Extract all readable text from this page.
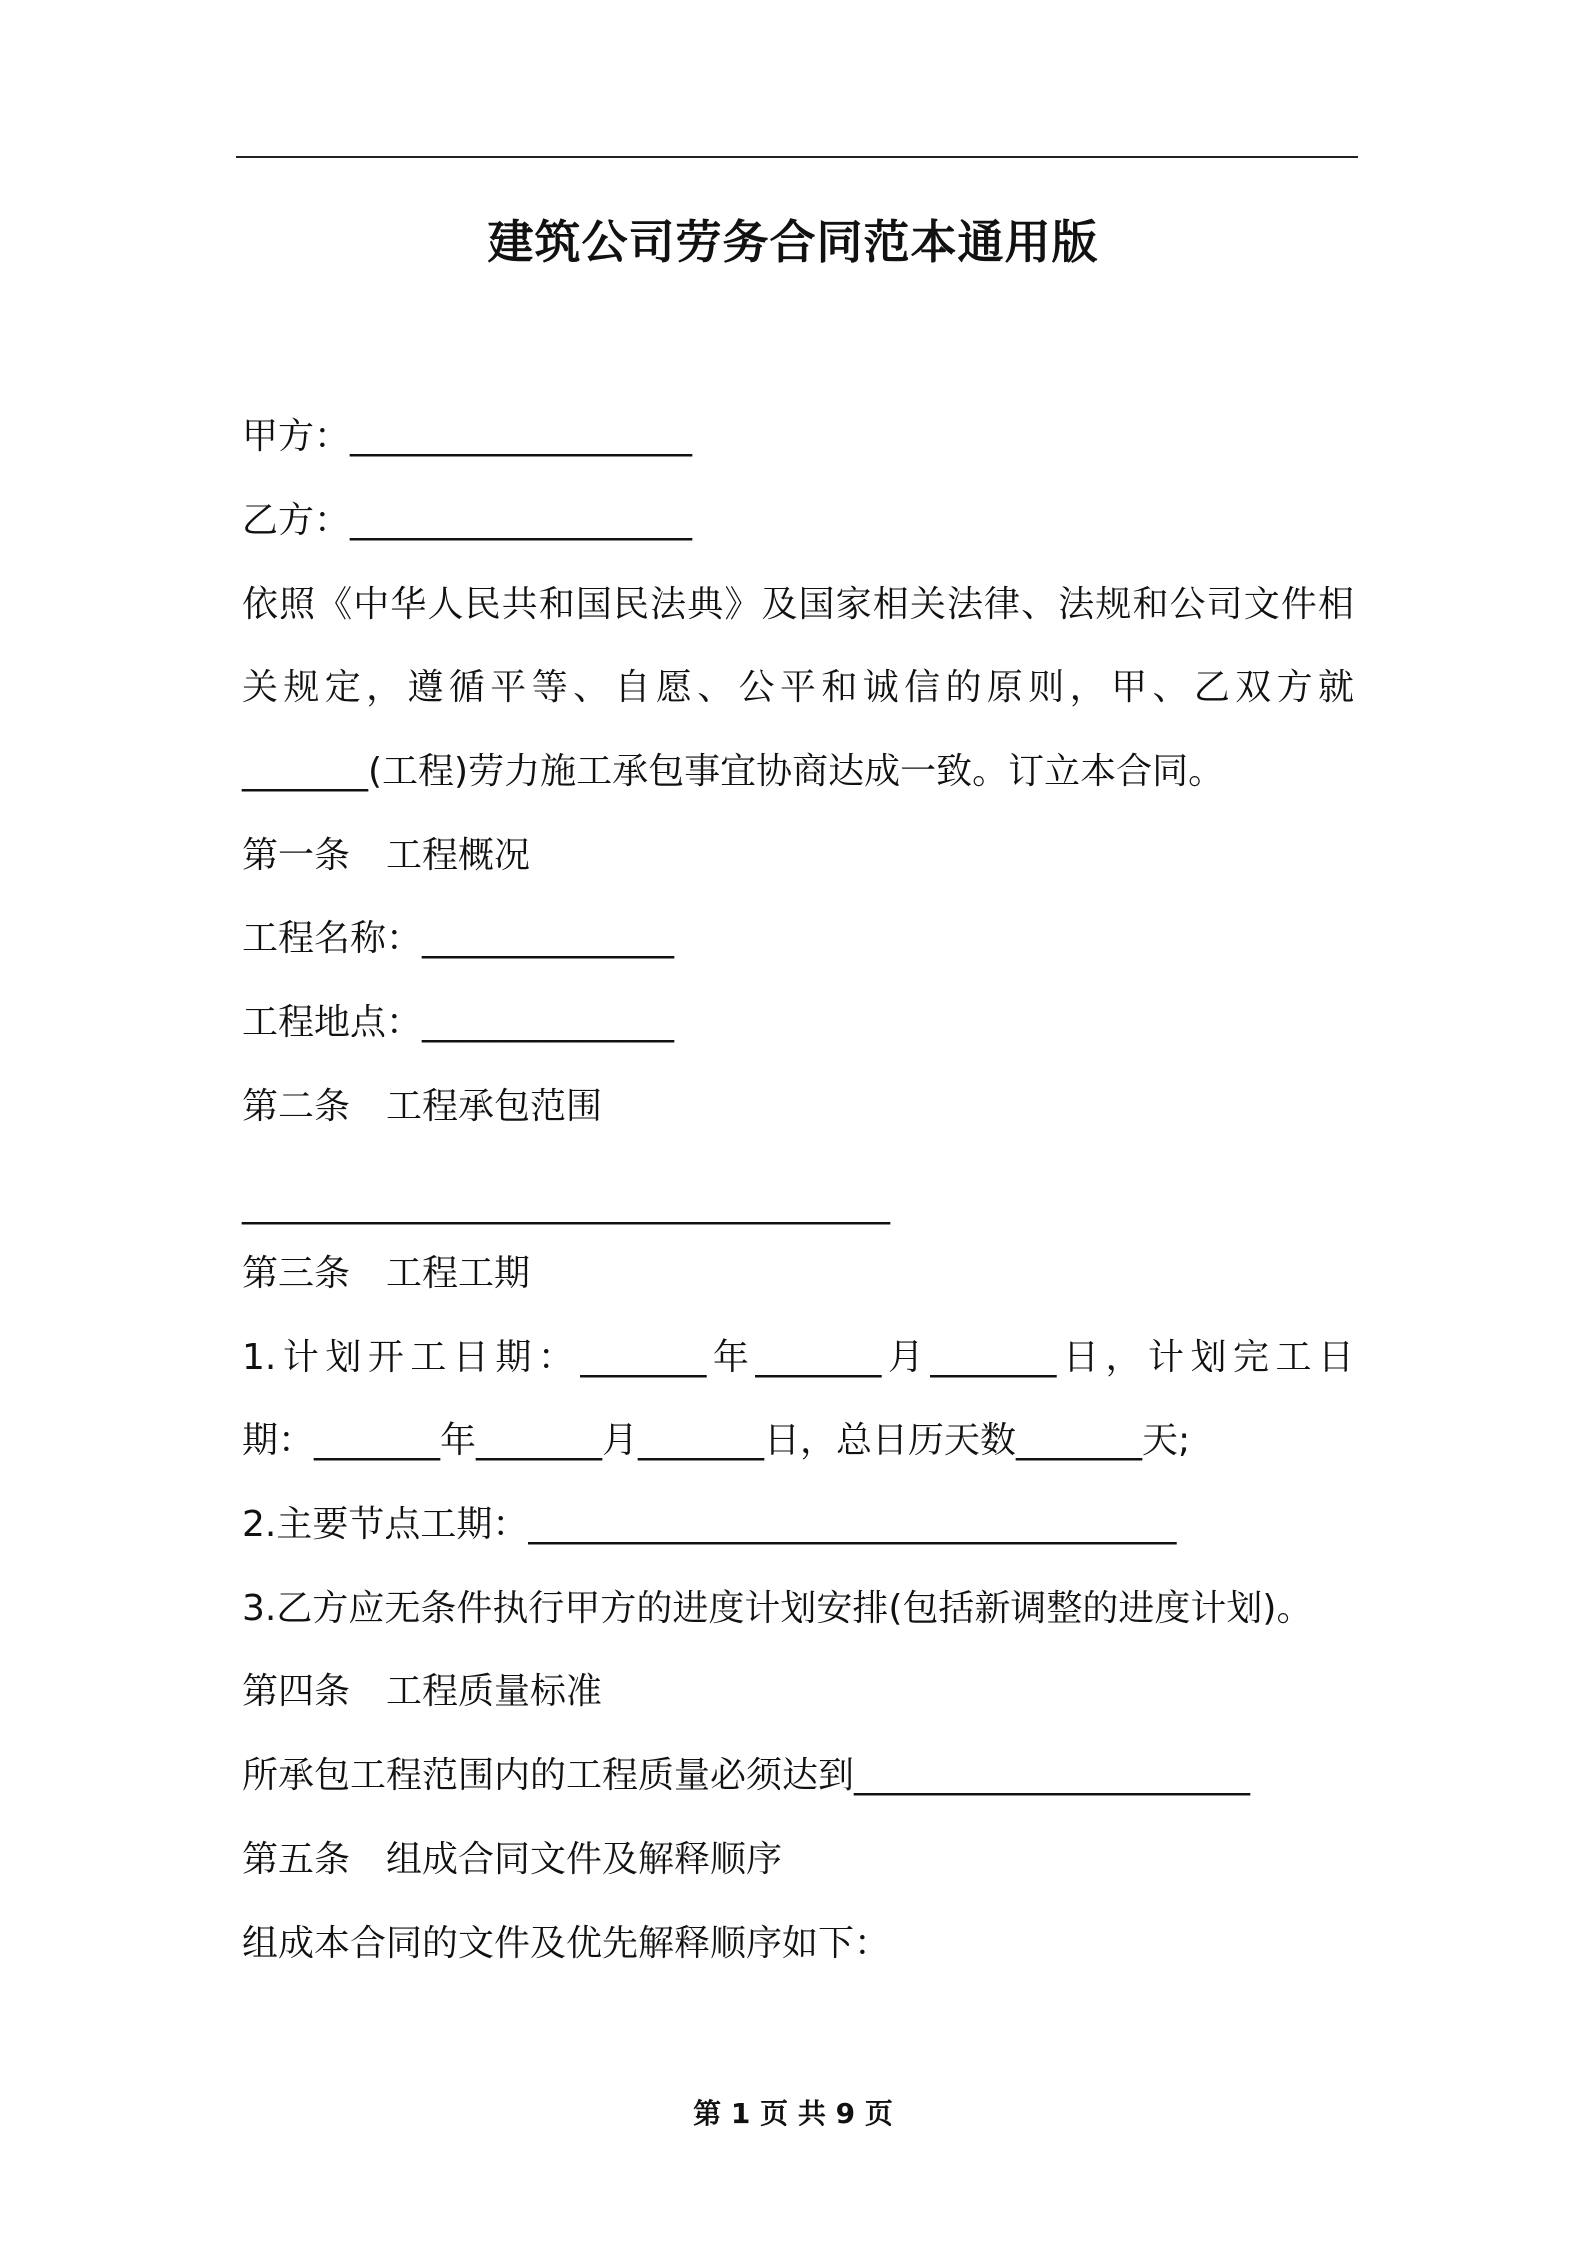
建筑公司劳务合同范本通用版
甲方：___________________
乙方：___________________
依照《中华人民共和国民法典》及国家相关法律、法规和公司文件相
关规定，遵循平等、自愿、公平和诚信的原则，甲、乙双方就
_______(工程)劳力施工承包事宜协商达成一致。订立本合同。
第一条　工程概况
工程名称：______________
工程地点：______________
第二条　工程承包范围
____________________________________
第三条　工程工期
1.计划开工日期：_______年_______月_______日，计划完工日
期：_______年_______月_______日，总日历天数_______天;
2.主要节点工期：____________________________________
3.乙方应无条件执行甲方的进度计划安排(包括新调整的进度计划)。
第四条　工程质量标准
所承包工程范围内的工程质量必须达到______________________
第五条　组成合同文件及解释顺序
组成本合同的文件及优先解释顺序如下：
第 1 页 共 9 页
